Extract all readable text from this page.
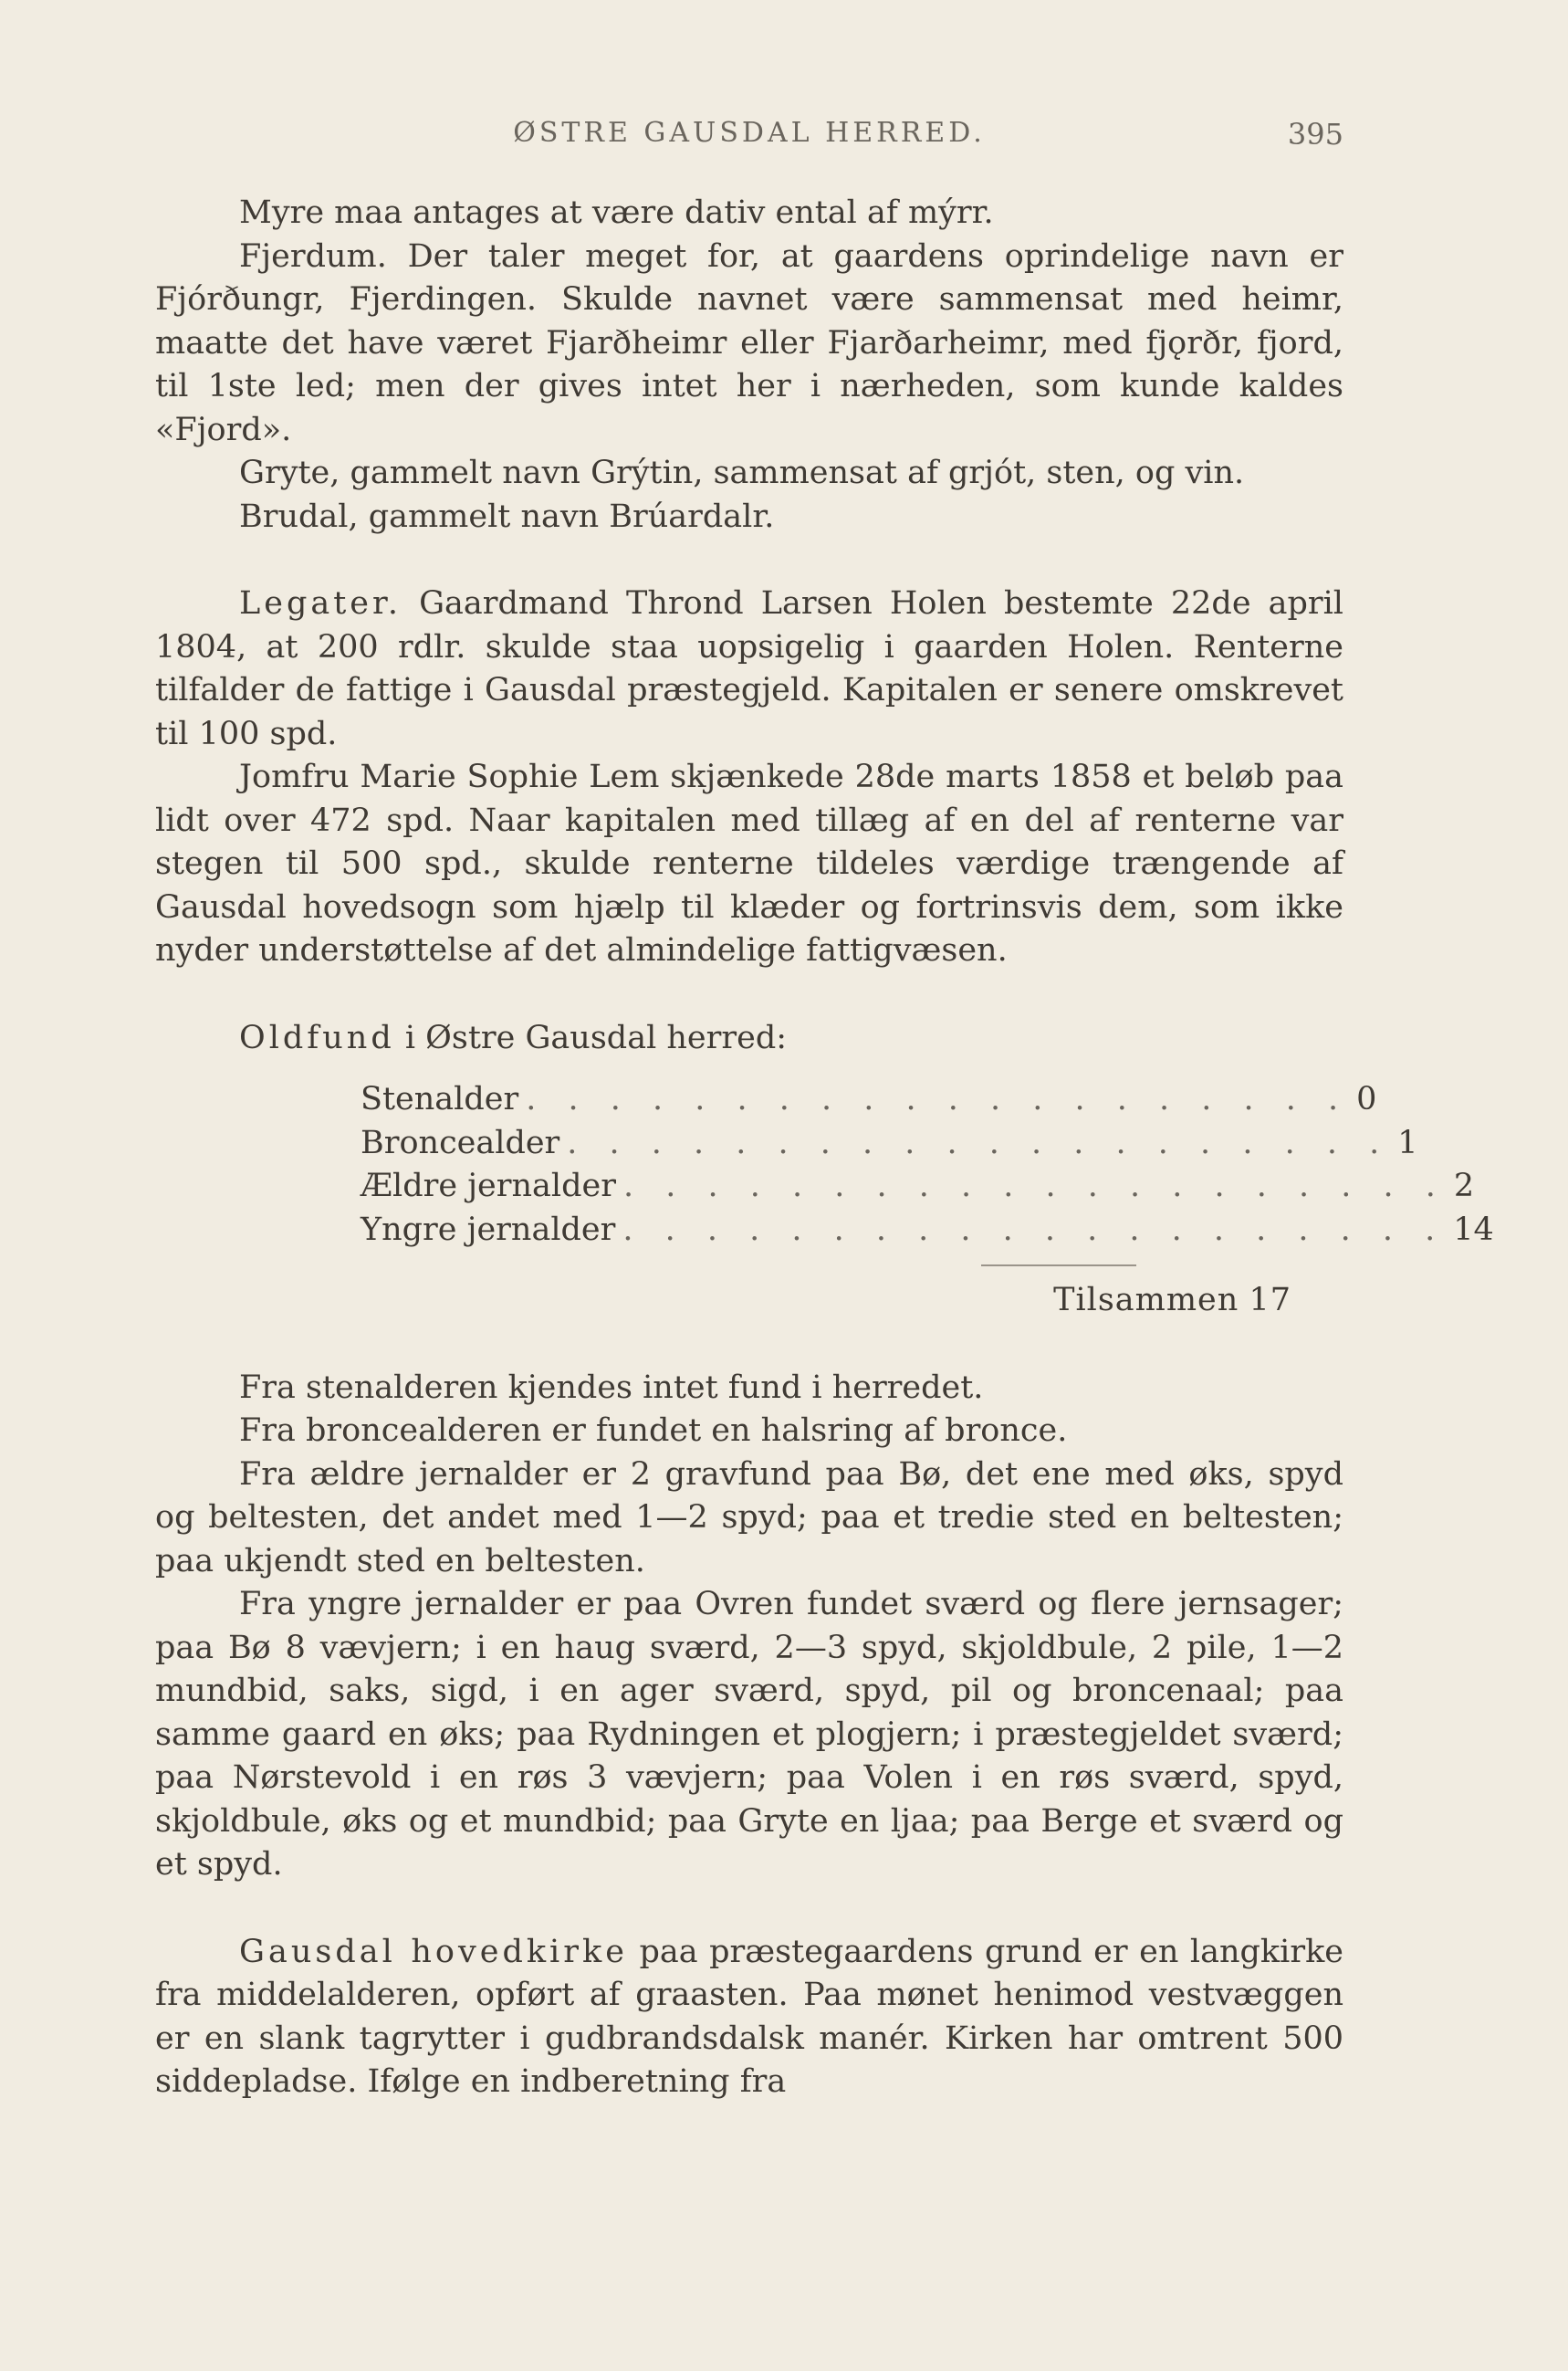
ØSTRE GAUSDAL HERRED.	395

Myre maa antages at være dativ ental af mýrr.

Fjerdum. Der taler meget for, at gaardens oprindelige navn er Fjórðungr, Fjerdingen. Skulde navnet være sammensat med heimr, maatte det have været Fjarðheimr eller Fjarðarheimr, med fjǫrðr, fjord, til 1ste led; men der gives intet her i nærheden, som kunde kaldes «Fjord».

Gryte, gammelt navn Grýtin, sammensat af grjót, sten, og vin.

Brudal, gammelt navn Brúardalr.

Legater. Gaardmand Thrond Larsen Holen bestemte 22de april 1804, at 200 rdlr. skulde staa uopsigelig i gaarden Holen. Renterne tilfalder de fattige i Gausdal præstegjeld. Kapitalen er senere omskrevet til 100 spd.

Jomfru Marie Sophie Lem skjænkede 28de marts 1858 et beløb paa lidt over 472 spd. Naar kapitalen med tillæg af en del af renterne var stegen til 500 spd., skulde renterne tildeles værdige trængende af Gausdal hovedsogn som hjælp til klæder og fortrinsvis dem, som ikke nyder understøttelse af det almindelige fattigvæsen.

Oldfund i Østre Gausdal herred:
Stenalder . . . . . . . . . . . . . . . . . . . . 0
Broncealder . . . . . . . . . . . . . . . . . . . . 1
Ældre jernalder . . . . . . . . . . . . . . . . . . . . 2
Yngre jernalder . . . . . . . . . . . . . . . . . . . . 14
Tilsammen 17

Fra stenalderen kjendes intet fund i herredet.

Fra broncealderen er fundet en halsring af bronce.

Fra ældre jernalder er 2 gravfund paa Bø, det ene med øks, spyd og beltesten, det andet med 1—2 spyd; paa et tredie sted en beltesten; paa ukjendt sted en beltesten.

Fra yngre jernalder er paa Ovren fundet sværd og flere jernsager; paa Bø 8 vævjern; i en haug sværd, 2—3 spyd, skjoldbule, 2 pile, 1—2 mundbid, saks, sigd, i en ager sværd, spyd, pil og broncenaal; paa samme gaard en øks; paa Rydningen et plogjern; i præstegjeldet sværd; paa Nørstevold i en røs 3 vævjern; paa Volen i en røs sværd, spyd, skjoldbule, øks og et mundbid; paa Gryte en ljaa; paa Berge et sværd og et spyd.

Gausdal hovedkirke paa præstegaardens grund er en langkirke fra middelalderen, opført af graasten. Paa mønet henimod vestvæggen er en slank tagrytter i gudbrandsdalsk manér. Kirken har omtrent 500 siddepladse. Ifølge en indberetning fra
